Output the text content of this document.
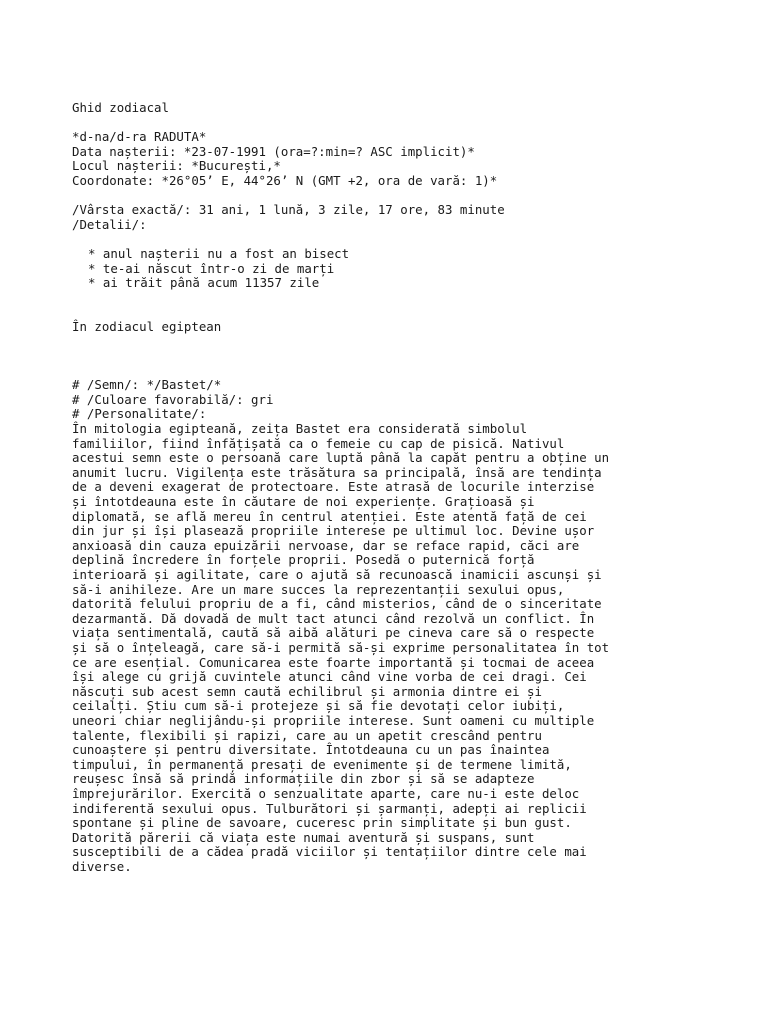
Ghid zodiacal
*d-na/d-ra RADUTA*
Data nașterii: *23-07-1991 (ora=?:min=? ASC implicit)*
Locul nașterii: *București,*
Coordonate: *26°05’ E, 44°26’ N (GMT +2, ora de vară: 1)*
/Vârsta exactă/: 31 ani, 1 lună, 3 zile, 17 ore, 83 minute
/Detalii/:
* anul nașterii nu a fost an bisect
* te-ai născut într-o zi de marți
* ai trăit până acum 11357 zile
În zodiacul egiptean
# /Semn/: */Bastet/*
# /Culoare favorabilă/: gri
# /Personalitate/:
În mitologia egipteană, zeița Bastet era considerată simbolul
familiilor, fiind înfățișată ca o femeie cu cap de pisică. Nativul
acestui semn este o persoană care luptă până la capăt pentru a obține un
anumit lucru. Vigilența este trăsătura sa principală, însă are tendința
de a deveni exagerat de protectoare. Este atrasă de locurile interzise
și întotdeauna este în căutare de noi experiențe. Grațioasă și
diplomată, se află mereu în centrul atenției. Este atentă față de cei
din jur și își plasează propriile interese pe ultimul loc. Devine ușor
anxioasă din cauza epuizării nervoase, dar se reface rapid, căci are
deplină încredere în forțele proprii. Posedă o puternică forță
interioară și agilitate, care o ajută să recunoască inamicii ascunși și
să-i anihileze. Are un mare succes la reprezentanții sexului opus,
datorită felului propriu de a fi, când misterios, când de o sinceritate
dezarmantă. Dă dovadă de mult tact atunci când rezolvă un conflict. În
viața sentimentală, caută să aibă alături pe cineva care să o respecte
și să o înțeleagă, care să-i permită să-și exprime personalitatea în tot
ce are esențial. Comunicarea este foarte importantă și tocmai de aceea
își alege cu grijă cuvintele atunci când vine vorba de cei dragi. Cei
născuți sub acest semn caută echilibrul și armonia dintre ei și
ceilalți. Știu cum să-i protejeze și să fie devotați celor iubiți,
uneori chiar neglijându-și propriile interese. Sunt oameni cu multiple
talente, flexibili și rapizi, care au un apetit crescând pentru
cunoaștere și pentru diversitate. Întotdeauna cu un pas înaintea
timpului, în permanență presați de evenimente și de termene limită,
reușesc însă să prindă informațiile din zbor și să se adapteze
împrejurărilor. Exercită o senzualitate aparte, care nu-i este deloc
indiferentă sexului opus. Tulburători și șarmanți, adepți ai replicii
spontane și pline de savoare, cuceresc prin simplitate și bun gust.
Datorită părerii că viața este numai aventură și suspans, sunt
susceptibili de a cădea pradă viciilor și tentațiilor dintre cele mai
diverse.
